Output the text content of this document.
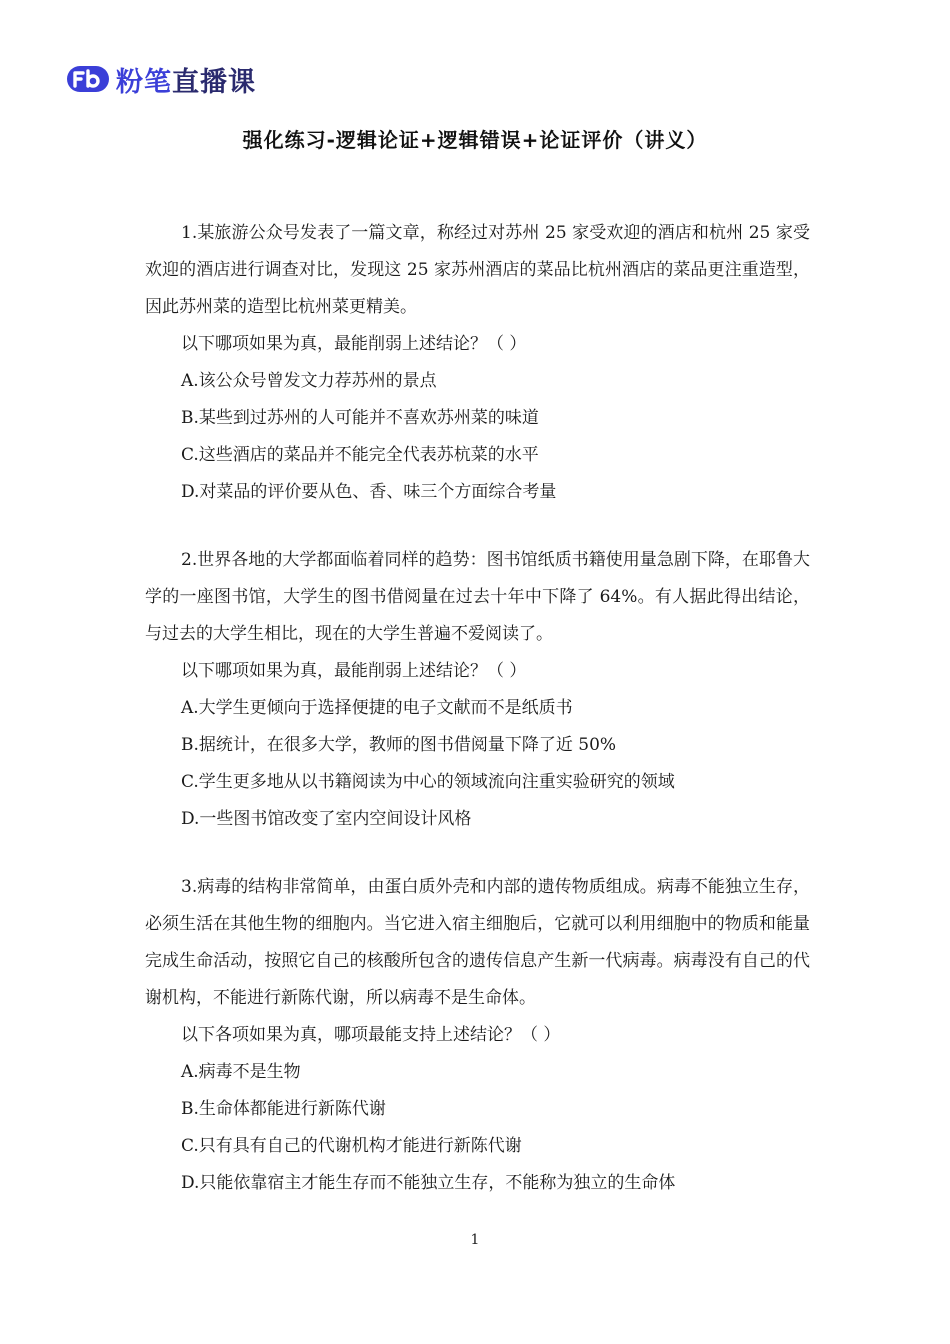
粉笔 直播课
强化练习-逻辑论证+逻辑错误+论证评价（讲义）

1.某旅游公众号发表了一篇文章，称经过对苏州 25 家受欢迎的酒店和杭州 25 家受欢迎的酒店进行调查对比，发现这 25 家苏州酒店的菜品比杭州酒店的菜品更注重造型，因此苏州菜的造型比杭州菜更精美。

以下哪项如果为真，最能削弱上述结论？（ ）

A.该公众号曾发文力荐苏州的景点

B.某些到过苏州的人可能并不喜欢苏州菜的味道

C.这些酒店的菜品并不能完全代表苏杭菜的水平

D.对菜品的评价要从色、香、味三个方面综合考量

2.世界各地的大学都面临着同样的趋势：图书馆纸质书籍使用量急剧下降，在耶鲁大学的一座图书馆，大学生的图书借阅量在过去十年中下降了 64%。有人据此得出结论，与过去的大学生相比，现在的大学生普遍不爱阅读了。

以下哪项如果为真，最能削弱上述结论？（ ）

A.大学生更倾向于选择便捷的电子文献而不是纸质书

B.据统计，在很多大学，教师的图书借阅量下降了近 50%

C.学生更多地从以书籍阅读为中心的领域流向注重实验研究的领域

D.一些图书馆改变了室内空间设计风格

3.病毒的结构非常简单，由蛋白质外壳和内部的遗传物质组成。病毒不能独立生存，必须生活在其他生物的细胞内。当它进入宿主细胞后，它就可以利用细胞中的物质和能量完成生命活动，按照它自己的核酸所包含的遗传信息产生新一代病毒。病毒没有自己的代谢机构，不能进行新陈代谢，所以病毒不是生命体。

以下各项如果为真，哪项最能支持上述结论？（ ）

A.病毒不是生物

B.生命体都能进行新陈代谢

C.只有具有自己的代谢机构才能进行新陈代谢

D.只能依靠宿主才能生存而不能独立生存，不能称为独立的生命体

1
